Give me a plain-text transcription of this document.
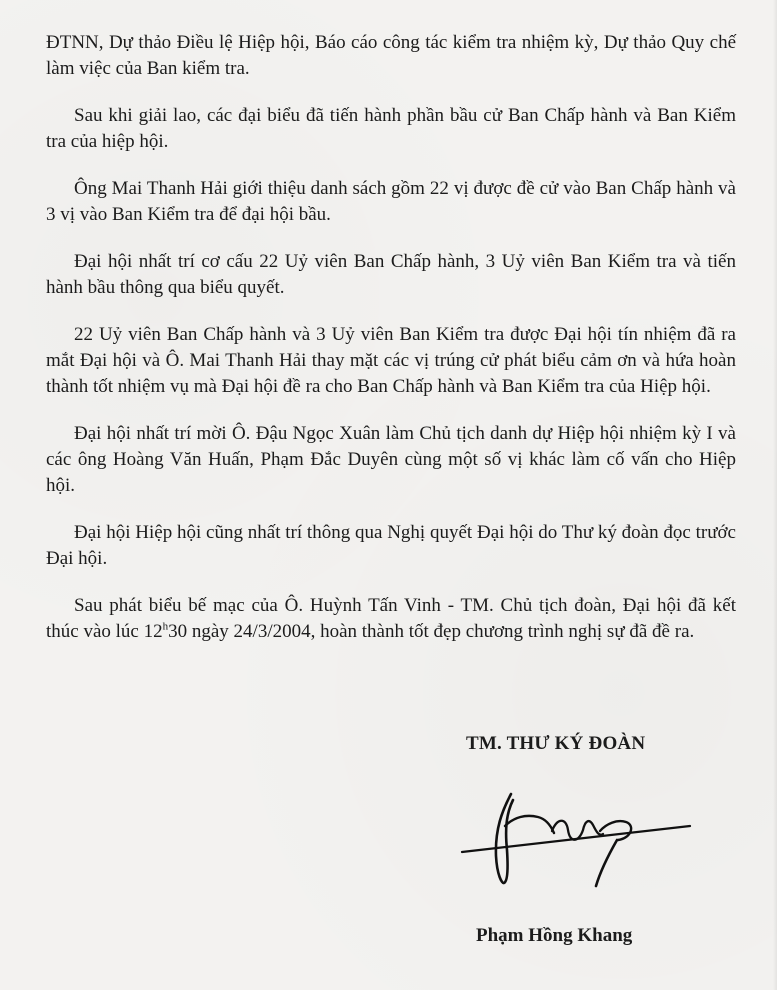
ĐTNN, Dự thảo Điều lệ Hiệp hội, Báo cáo công tác kiểm tra nhiệm kỳ, Dự thảo Quy chế làm việc của Ban kiểm tra.

Sau khi giải lao, các đại biểu đã tiến hành phần bầu cử Ban Chấp hành và Ban Kiểm tra của hiệp hội.

Ông Mai Thanh Hải giới thiệu danh sách gồm 22 vị được đề cử vào Ban Chấp hành và 3 vị vào Ban Kiểm tra để đại hội bầu.

Đại hội nhất trí cơ cấu 22 Uỷ viên Ban Chấp hành, 3 Uỷ viên Ban Kiểm tra và tiến hành bầu thông qua biểu quyết.

22 Uỷ viên Ban Chấp hành và 3 Uỷ viên Ban Kiểm tra được Đại hội tín nhiệm đã ra mắt Đại hội và Ô. Mai Thanh Hải thay mặt các vị trúng cử phát biểu cảm ơn và hứa hoàn thành tốt nhiệm vụ mà Đại hội đề ra cho Ban Chấp hành và Ban Kiểm tra của Hiệp hội.

Đại hội nhất trí mời Ô. Đậu Ngọc Xuân làm Chủ tịch danh dự Hiệp hội nhiệm kỳ I và các ông Hoàng Văn Huấn, Phạm Đắc Duyên cùng một số vị khác làm cố vấn cho Hiệp hội.

Đại hội Hiệp hội cũng nhất trí thông qua Nghị quyết Đại hội do Thư ký đoàn đọc trước Đại hội.

Sau phát biểu bế mạc của Ô. Huỳnh Tấn Vinh - TM. Chủ tịch đoàn, Đại hội đã kết thúc vào lúc 12$^h$30 ngày 24/3/2004, hoàn thành tốt đẹp chương trình nghị sự đã đề ra.

TM. THƯ KÝ ĐOÀN
Phạm Hồng Khang
